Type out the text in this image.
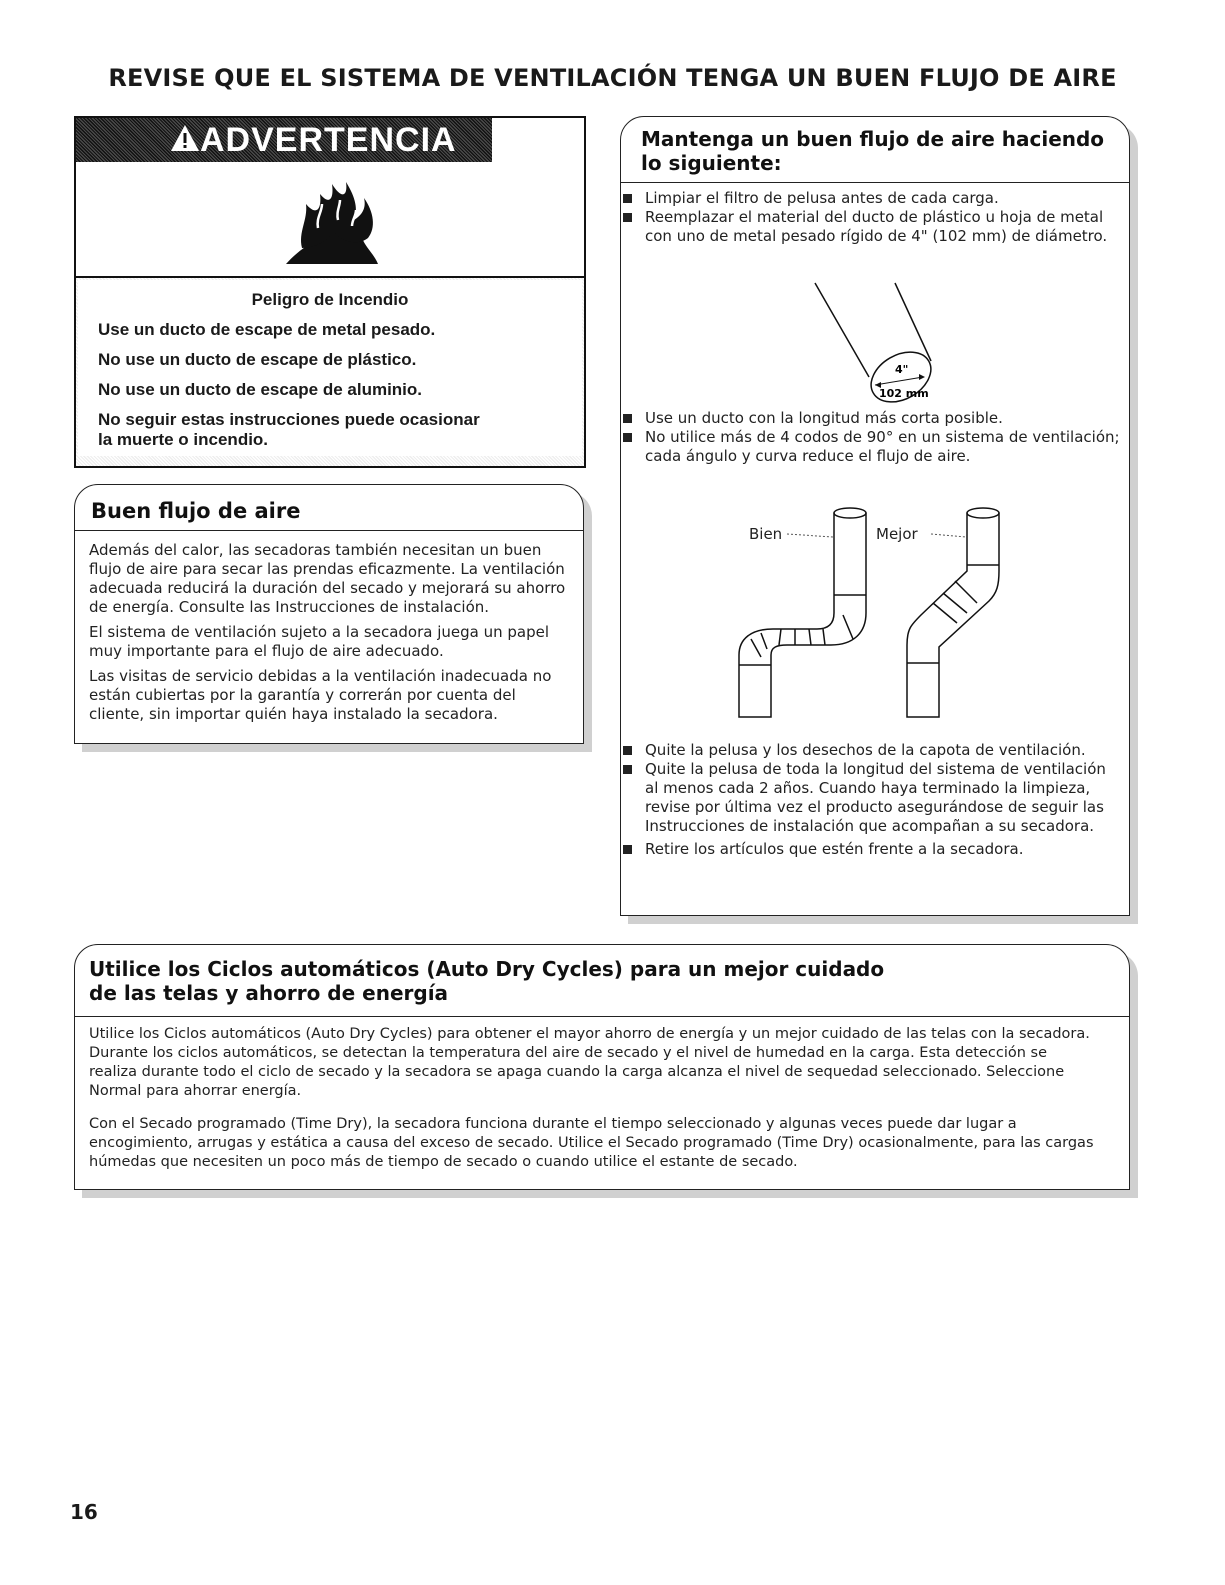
REVISE QUE EL SISTEMA DE VENTILACIÓN TENGA UN BUEN FLUJO DE AIRE
ADVERTENCIA
Peligro de Incendio
Use un ducto de escape de metal pesado.
No use un ducto de escape de plástico.
No use un ducto de escape de aluminio.
No seguir estas instrucciones puede ocasionar
la muerte o incendio.
Buen flujo de aire

Además del calor, las secadoras también necesitan un buen flujo de aire para secar las prendas eficazmente. La ventilación adecuada reducirá la duración del secado y mejorará su ahorro de energía. Consulte las Instrucciones de instalación.

El sistema de ventilación sujeto a la secadora juega un papel muy importante para el flujo de aire adecuado.

Las visitas de servicio debidas a la ventilación inadecuada no están cubiertas por la garantía y correrán por cuenta del cliente, sin importar quién haya instalado la secadora.

Mantenga un buen flujo de aire haciendo
lo siguiente:
Limpiar el filtro de pelusa antes de cada carga.
Reemplazar el material del ducto de plástico u hoja de metal con uno de metal pesado rígido de 4" (102 mm) de diámetro.
4"
102 mm
Use un ducto con la longitud más corta posible.
No utilice más de 4 codos de 90° en un sistema de ventilación; cada ángulo y curva reduce el flujo de aire.
Bien	Mejor
Quite la pelusa y los desechos de la capota de ventilación.
Quite la pelusa de toda la longitud del sistema de ventilación al menos cada 2 años. Cuando haya terminado la limpieza, revise por última vez el producto asegurándose de seguir las Instrucciones de instalación que acompañan a su secadora.
Retire los artículos que estén frente a la secadora.
Utilice los Ciclos automáticos (Auto Dry Cycles) para un mejor cuidado
de las telas y ahorro de energía

Utilice los Ciclos automáticos (Auto Dry Cycles) para obtener el mayor ahorro de energía y un mejor cuidado de las telas con la secadora. Durante los ciclos automáticos, se detectan la temperatura del aire de secado y el nivel de humedad en la carga. Esta detección se realiza durante todo el ciclo de secado y la secadora se apaga cuando la carga alcanza el nivel de sequedad seleccionado. Seleccione Normal para ahorrar energía.

Con el Secado programado (Time Dry), la secadora funciona durante el tiempo seleccionado y algunas veces puede dar lugar a encogimiento, arrugas y estática a causa del exceso de secado. Utilice el Secado programado (Time Dry) ocasionalmente, para las cargas húmedas que necesiten un poco más de tiempo de secado o cuando utilice el estante de secado.

16
